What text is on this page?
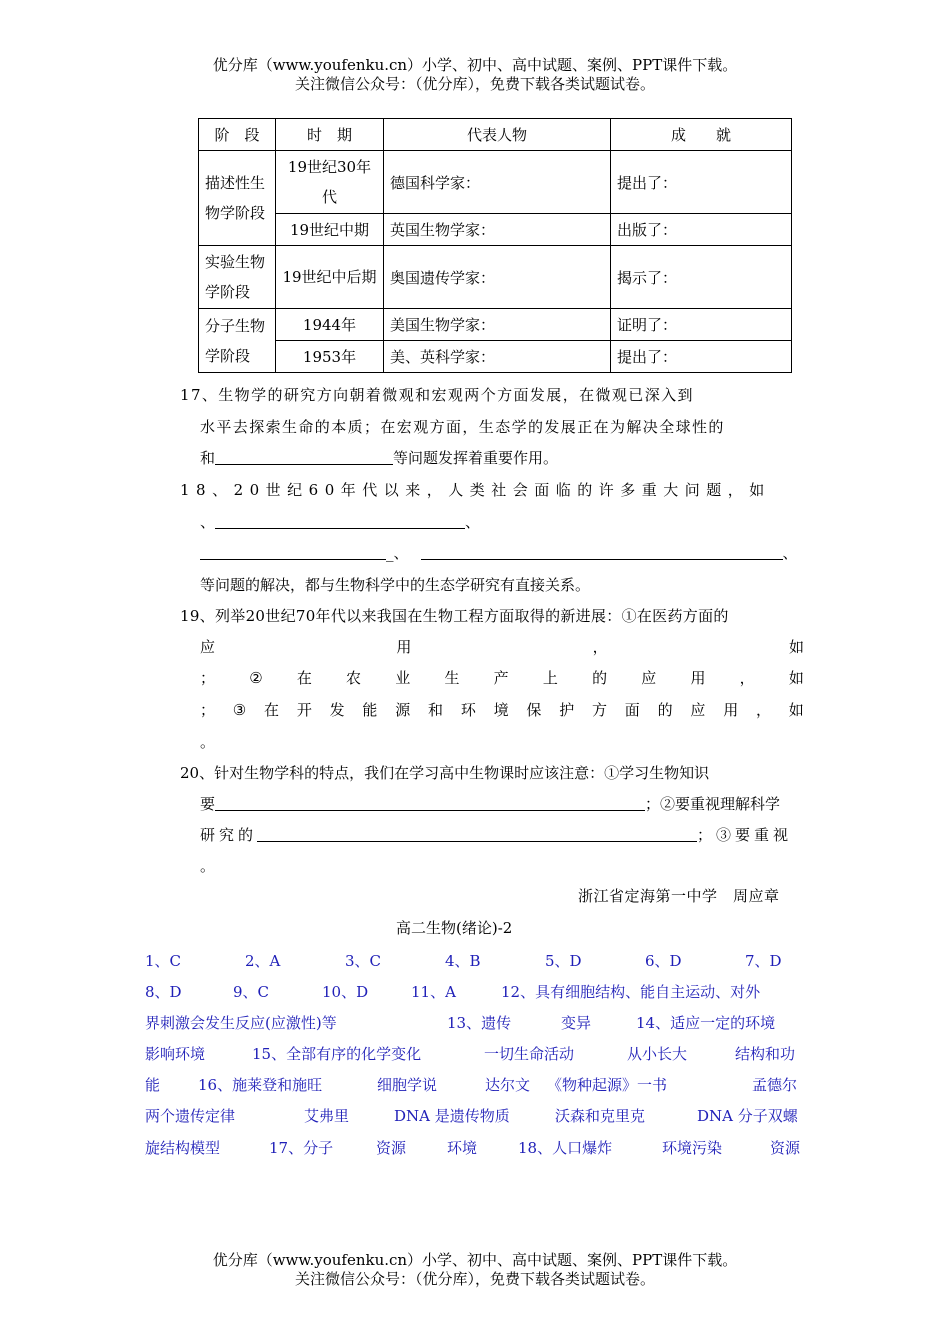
优分库（www.youfenku.cn）小学、初中、高中试题、案例、PPT课件下载。
关注微信公众号：（优分库），免费下载各类试题试卷。
阶　段	时　期	代表人物	成　　就
描述性生物学阶段	19世纪30年代	德国科学家：	提出了：
	19世纪中期	英国生物学家：	出版了：
实验生物学阶段	19世纪中后期	奥国遗传学家：	揭示了：
分子生物学阶段	1944年	美国生物学家：	证明了：
	1953年	美、英科学家：	提出了：
17、生物学的研究方向朝着微观和宏观两个方面发展，在微观已深入到
水平去探索生命的本质；在宏观方面，生态学的发展正在为解决全球性的
和	等问题发挥着重要作用。
18、20世纪60年代以来，人类社会面临的许多重大问题，如
、	、
_、	、
等问题的解决，都与生物科学中的生态学研究有直接关系。
19、列举20世纪70年代以来我国在生物工程方面取得的新进展：①在医药方面的
应	用	，	如
； ② 在 农 业 生 产 上 的 应 用 ， 如
； ③ 在 开 发 能 源 和 环 境 保 护 方 面 的 应 用 ， 如
。
20、针对生物学科的特点，我们在学习高中生物课时应该注意：①学习生物知识
要	；②要重视理解科学
研究的	；③要重视
。
浙江省定海第一中学　周应章
高二生物(绪论)-2
1、C	2、A	3、C	4、B	5、D	6、D	7、D
8、D	9、C	10、D	11、A	12、具有细胞结构、能自主运动、对外
界刺激会发生反应(应激性)等	13、遗传	变异	14、适应一定的环境
影响环境	15、全部有序的化学变化	一切生命活动	从小长大	结构和功
能	16、施莱登和施旺	细胞学说	达尔文 《物种起源》一书	孟德尔
两个遗传定律	艾弗里	DNA 是遗传物质	沃森和克里克	DNA 分子双螺
旋结构模型	17、分子	资源	环境	18、人口爆炸	环境污染	资源
优分库（www.youfenku.cn）小学、初中、高中试题、案例、PPT课件下载。
关注微信公众号：（优分库），免费下载各类试题试卷。
